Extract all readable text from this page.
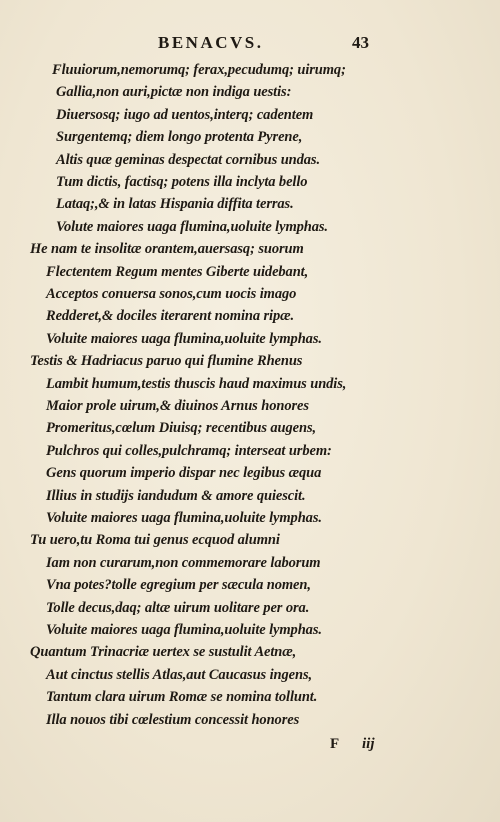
BENACVS.	43
Fluuiorum,nemorumq; ferax,pecudumq; uirumq;
Gallia,non auri,pictæ non indiga uestis:
Diuersosq; iugo ad uentos,interq; cadentem
Surgentemq; diem longo protenta Pyrene,
Altis quæ geminas despectat cornibus undas.
Tum dictis, factisq; potens illa inclyta bello
Lataq;,& in latas Hispania diffita terras.
Volute maiores uaga flumina,uoluite lymphas.
He nam te insolitæ orantem,auersasq; suorum
Flectentem Regum mentes Giberte uidebant,
Acceptos conuersa sonos,cum uocis imago
Redderet,& dociles iterarent nomina ripæ.
Voluite maiores uaga flumina,uoluite lymphas.
Testis & Hadriacus paruo qui flumine Rhenus
Lambit humum,testis thuscis haud maximus undis,
Maior prole uirum,& diuinos Arnus honores
Promeritus,cœlum Diuisq; recentibus augens,
Pulchros qui colles,pulchramq; interseat urbem:
Gens quorum imperio dispar nec legibus æqua
Illius in studijs iandudum & amore quiescit.
Voluite maiores uaga flumina,uoluite lymphas.
Tu uero,tu Roma tui genus ecquod alumni
Iam non curarum,non commemorare laborum
Vna potes?tolle egregium per sæcula nomen,
Tolle decus,daq; altæ uirum uolitare per ora.
Voluite maiores uaga flumina,uoluite lymphas.
Quantum Trinacriæ uertex se sustulit Aetnæ,
Aut cinctus stellis Atlas,aut Caucasus ingens,
Tantum clara uirum Romæ se nomina tollunt.
Illa nouos tibi cœlestium concessit honores
F iij
